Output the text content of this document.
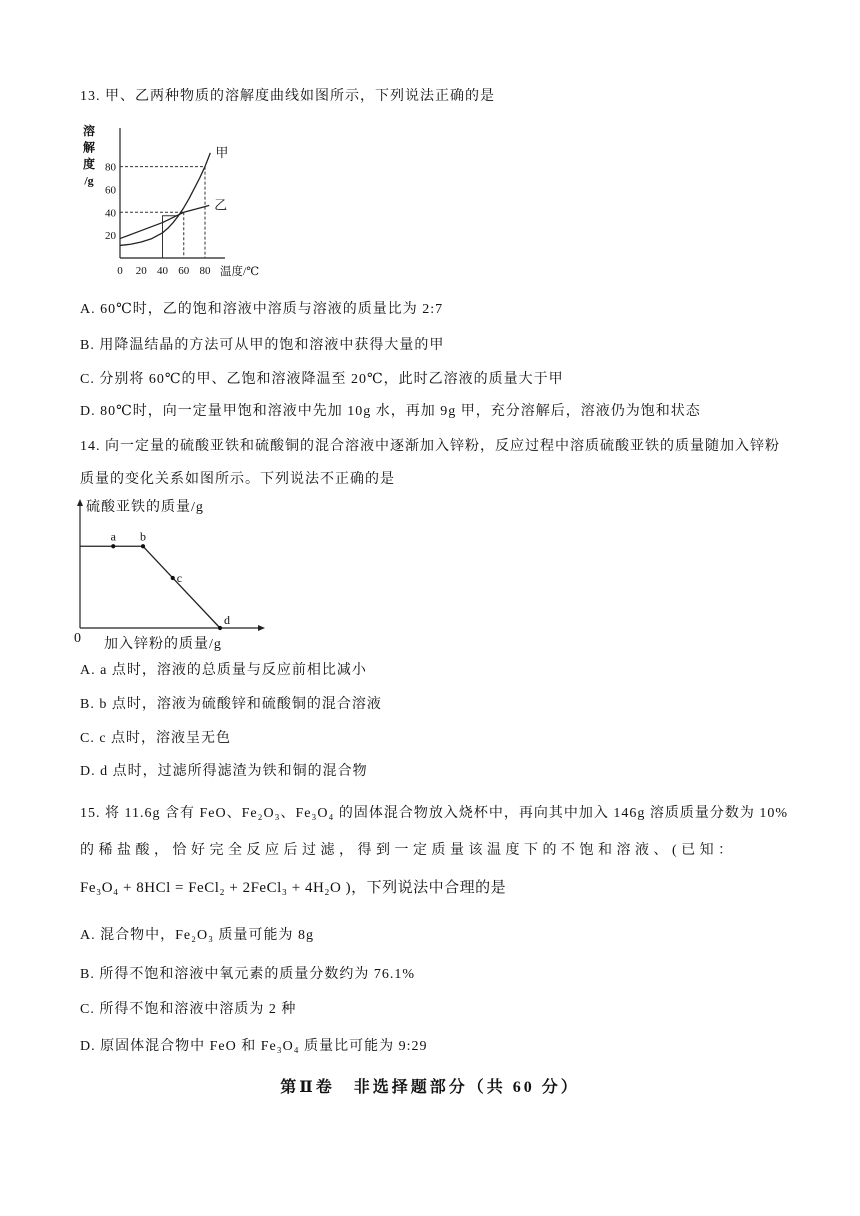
13. 甲、乙两种物质的溶解度曲线如图所示，下列说法正确的是
甲
乙
20
40
60
80
0 20 40 60 80 温度/℃
溶解度/g
A. 60℃时，乙的饱和溶液中溶质与溶液的质量比为 2:7
B. 用降温结晶的方法可从甲的饱和溶液中获得大量的甲
C. 分别将 60℃的甲、乙饱和溶液降温至 20℃，此时乙溶液的质量大于甲
D. 80℃时，向一定量甲饱和溶液中先加 10g 水，再加 9g 甲，充分溶解后，溶液仍为饱和状态
14. 向一定量的硫酸亚铁和硫酸铜的混合溶液中逐渐加入锌粉，反应过程中溶质硫酸亚铁的质量随加入锌粉
质量的变化关系如图所示。下列说法不正确的是
a b
c
d
硫酸亚铁的质量/g
0 加入锌粉的质量/g
A. a 点时，溶液的总质量与反应前相比减小
B. b 点时，溶液为硫酸锌和硫酸铜的混合溶液
C. c 点时，溶液呈无色
D. d 点时，过滤所得滤渣为铁和铜的混合物
15. 将 11.6g 含有 FeO、Fe₂O₃、Fe₃O₄ 的固体混合物放入烧杯中，再向其中加入 146g 溶质质量分数为 10%
的稀盐酸，恰好完全反应后过滤，得到一定质量该温度下的不饱和溶液、(已知：
Fe₃O₄ + 8HCl = FeCl₂ + 2FeCl₃ + 4H₂O )，下列说法中合理的是
A. 混合物中，Fe₂O₃ 质量可能为 8g
B. 所得不饱和溶液中氧元素的质量分数约为 76.1%
C. 所得不饱和溶液中溶质为 2 种
D. 原固体混合物中 FeO 和 Fe₃O₄ 质量比可能为 9:29
第Ⅱ卷　非选择题部分（共 60 分）
